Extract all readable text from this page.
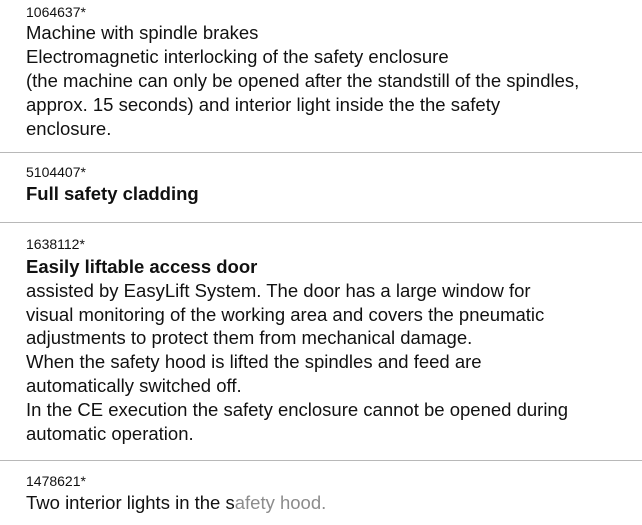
1064637*
Machine with spindle brakes
Electromagnetic interlocking of the safety enclosure
(the machine can only be opened after the standstill of the spindles,
approx. 15 seconds) and interior light inside the the safety
enclosure.
5104407*
Full safety cladding
1638112*
Easily liftable access door
assisted by EasyLift System. The door has a large window for
visual monitoring of the working area and covers the pneumatic
adjustments to protect them from mechanical damage.
When the safety hood is lifted the spindles and feed are
automatically switched off.
In the CE execution the safety enclosure cannot be opened during
automatic operation.
1478621*
Two interior lights in the safety hood.
